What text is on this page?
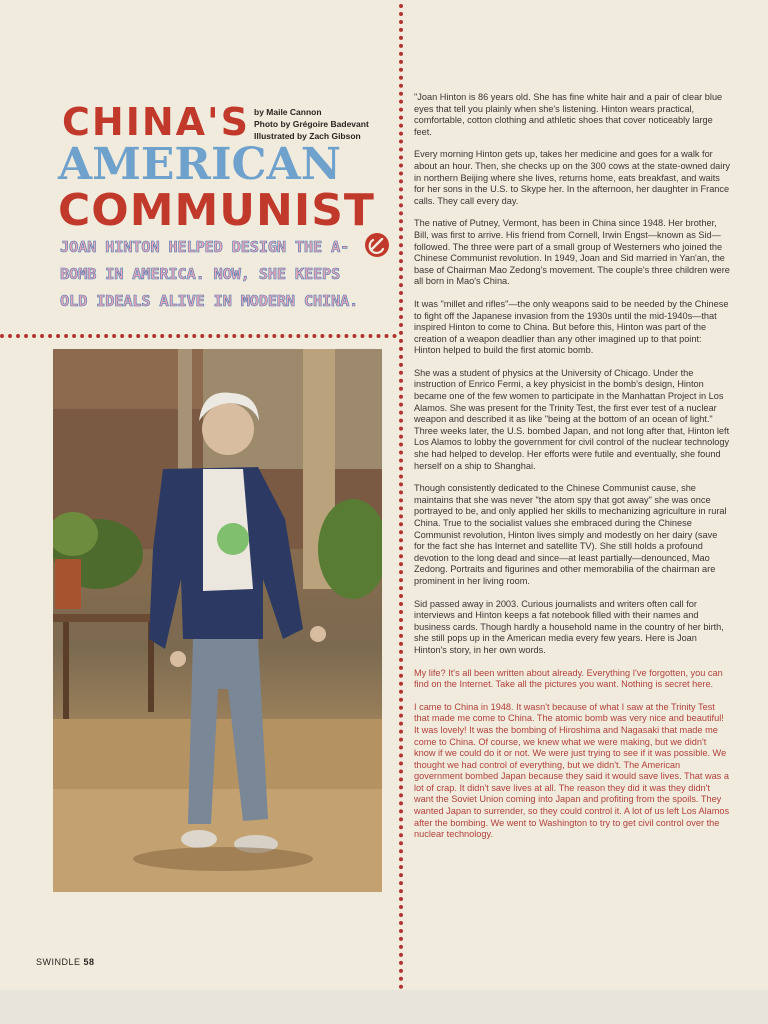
CHINA'S by Maile Cannon
Photo by Grégoire Badevant
Illustrated by Zach Gibson
AMERICAN
COMMUNIST
JOAN HINTON HELPED DESIGN THE A-BOMB IN AMERICA. NOW, SHE KEEPS OLD IDEALS ALIVE IN MODERN CHINA.

"Joan Hinton is 86 years old. She has fine white hair and a pair of clear blue eyes that tell you plainly when she's listening. Hinton wears practical, comfortable, cotton clothing and athletic shoes that cover noticeably large feet.

Every morning Hinton gets up, takes her medicine and goes for a walk for about an hour. Then, she checks up on the 300 cows at the state-owned dairy in northern Beijing where she lives, returns home, eats breakfast, and waits for her sons in the U.S. to Skype her. In the afternoon, her daughter in France calls. They call every day.

The native of Putney, Vermont, has been in China since 1948. Her brother, Bill, was first to arrive. His friend from Cornell, Irwin Engst—known as Sid—followed. The three were part of a small group of Westerners who joined the Chinese Communist revolution. In 1949, Joan and Sid married in Yan'an, the base of Chairman Mao Zedong's movement. The couple's three children were all born in Mao's China.

It was "millet and rifles"—the only weapons said to be needed by the Chinese to fight off the Japanese invasion from the 1930s until the mid-1940s—that inspired Hinton to come to China. But before this, Hinton was part of the creation of a weapon deadlier than any other imagined up to that point: Hinton helped to build the first atomic bomb.

She was a student of physics at the University of Chicago. Under the instruction of Enrico Fermi, a key physicist in the bomb's design, Hinton became one of the few women to participate in the Manhattan Project in Los Alamos. She was present for the Trinity Test, the first ever test of a nuclear weapon and described it as like "being at the bottom of an ocean of light." Three weeks later, the U.S. bombed Japan, and not long after that, Hinton left Los Alamos to lobby the government for civil control of the nuclear technology she had helped to develop. Her efforts were futile and eventually, she found herself on a ship to Shanghai.

Though consistently dedicated to the Chinese Communist cause, she maintains that she was never "the atom spy that got away" she was once portrayed to be, and only applied her skills to mechanizing agriculture in rural China. True to the socialist values she embraced during the Chinese Communist revolution, Hinton lives simply and modestly on her dairy (save for the fact she has Internet and satellite TV). She still holds a profound devotion to the long dead and since—at least partially—denounced, Mao Zedong. Portraits and figurines and other memorabilia of the chairman are prominent in her living room.

Sid passed away in 2003. Curious journalists and writers often call for interviews and Hinton keeps a fat notebook filled with their names and business cards. Though hardly a household name in the country of her birth, she still pops up in the American media every few years. Here is Joan Hinton's story, in her own words.

My life? It's all been written about already. Everything I've forgotten, you can find on the Internet. Take all the pictures you want. Nothing is secret here.

I came to China in 1948. It wasn't because of what I saw at the Trinity Test that made me come to China. The atomic bomb was very nice and beautiful! It was lovely! It was the bombing of Hiroshima and Nagasaki that made me come to China. Of course, we knew what we were making, but we didn't know if we could do it or not. We were just trying to see if it was possible. We thought we had control of everything, but we didn't. The American government bombed Japan because they said it would save lives. That was a lot of crap. It didn't save lives at all. The reason they did it was they didn't want the Soviet Union coming into Japan and profiting from the spoils. They wanted Japan to surrender, so they could control it. A lot of us left Los Alamos after the bombing. We went to Washington to try to get civil control over the nuclear technology.

SWINDLE 58
